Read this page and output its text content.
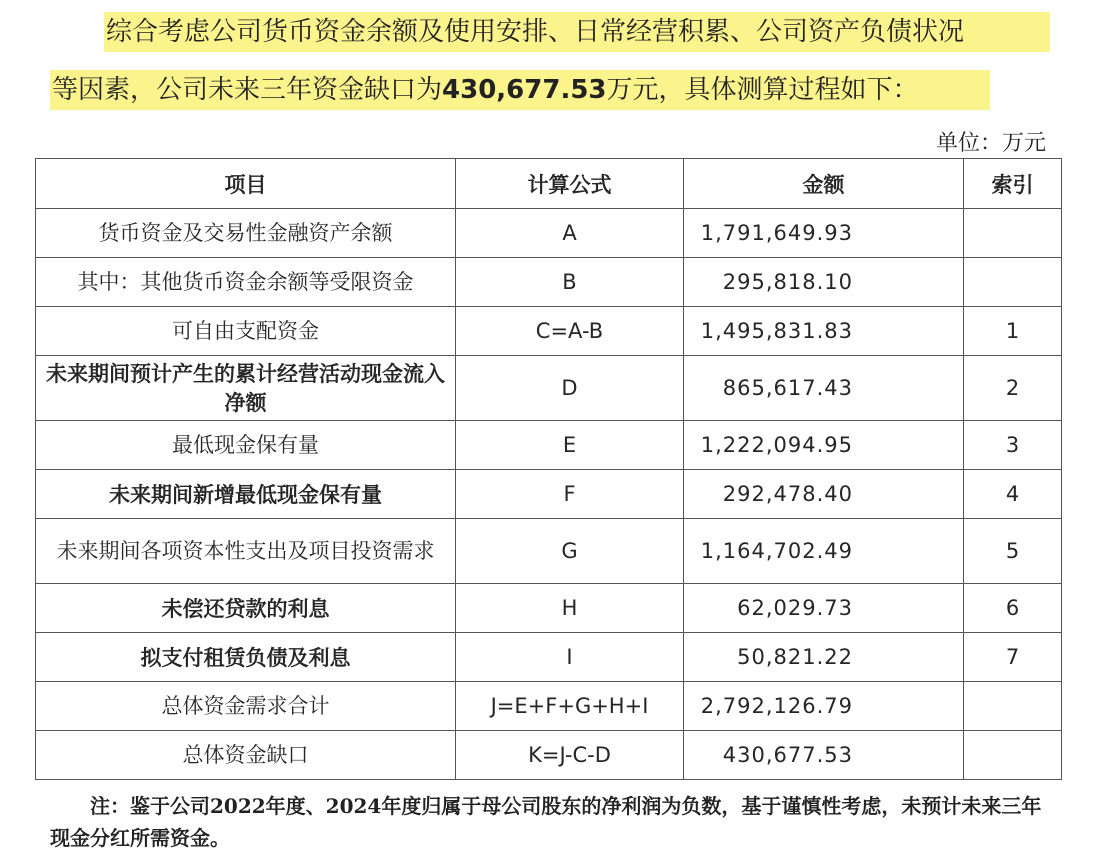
综合考虑公司货币资金余额及使用安排、日常经营积累、公司资产负债状况
等因素，公司未来三年资金缺口为430,677.53万元，具体测算过程如下：
单位：万元
项目	计算公式	金额	索引
货币资金及交易性金融资产余额	A	1,791,649.93	
其中：其他货币资金余额等受限资金	B	295,818.10	
可自由支配资金	C=A-B	1,495,831.83	1
未来期间预计产生的累计经营活动现金流入净额	D	865,617.43	2
最低现金保有量	E	1,222,094.95	3
未来期间新增最低现金保有量	F	292,478.40	4
未来期间各项资本性支出及项目投资需求	G	1,164,702.49	5
未偿还贷款的利息	H	62,029.73	6
拟支付租赁负债及利息	I	50,821.22	7
总体资金需求合计	J=E+F+G+H+I	2,792,126.79	
总体资金缺口	K=J-C-D	430,677.53	
注：鉴于公司2022年度、2024年度归属于母公司股东的净利润为负数，基于谨慎性考虑，未预计未来三年现金分红所需资金。
